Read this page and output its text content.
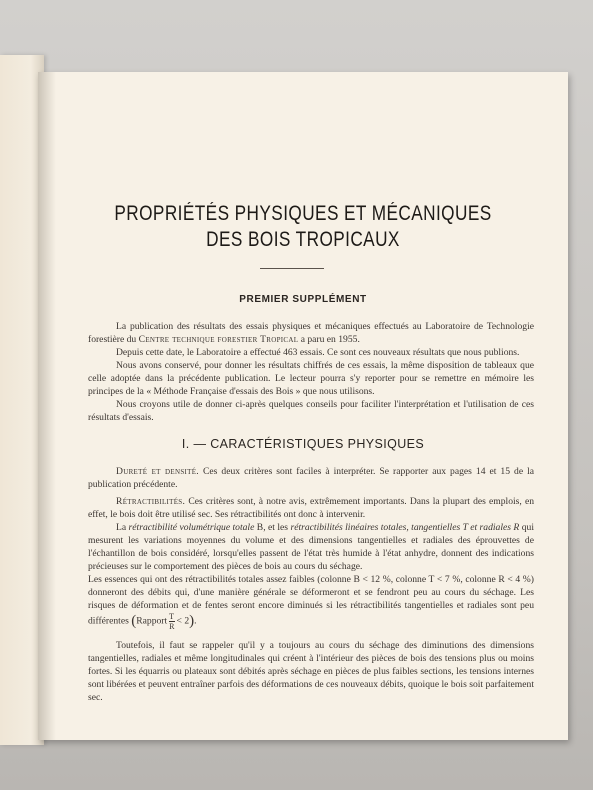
PROPRIÉTÉS PHYSIQUES ET MÉCANIQUES
DES BOIS TROPICAUX
PREMIER SUPPLÉMENT

La publication des résultats des essais physiques et mécaniques effectués au Laboratoire de Technologie forestière du Centre technique forestier Tropical a paru en 1955.

Depuis cette date, le Laboratoire a effectué 463 essais. Ce sont ces nouveaux résultats que nous publions.

Nous avons conservé, pour donner les résultats chiffrés de ces essais, la même disposition de tableaux que celle adoptée dans la précédente publication. Le lecteur pourra s'y reporter pour se remettre en mémoire les principes de la « Méthode Française d'essais des Bois » que nous utilisons.

Nous croyons utile de donner ci-après quelques conseils pour faciliter l'interprétation et l'utilisation de ces résultats d'essais.

I. — CARACTÉRISTIQUES PHYSIQUES

Dureté et densité. Ces deux critères sont faciles à interpréter. Se rapporter aux pages 14 et 15 de la publication précédente.

Rétractibilités. Ces critères sont, à notre avis, extrêmement importants. Dans la plupart des emplois, en effet, le bois doit être utilisé sec. Ses rétractibilités ont donc à intervenir.

La rétractibilité volumétrique totale B, et les rétractibilités linéaires totales, tangentielles T et radiales R qui mesurent les variations moyennes du volume et des dimensions tangentielles et radiales des éprouvettes de l'échantillon de bois considéré, lorsqu'elles passent de l'état très humide à l'état anhydre, donnent des indications précieuses sur le comportement des pièces de bois au cours du séchage.

Les essences qui ont des rétractibilités totales assez faibles (colonne B < 12 %, colonne T < 7 %, colonne R < 4 %) donneront des débits qui, d'une manière générale se déformeront et se fendront peu au cours du séchage. Les risques de déformation et de fentes seront encore diminués si les rétractibilités tangentielles et radiales sont peu différentes (Rapport $\frac{T}{R} < 2$).

Toutefois, il faut se rappeler qu'il y a toujours au cours du séchage des diminutions des dimensions tangentielles, radiales et même longitudinales qui créent à l'intérieur des pièces de bois des tensions plus ou moins fortes. Si les équarris ou plateaux sont débités après séchage en pièces de plus faibles sections, les tensions internes sont libérées et peuvent entraîner parfois des déformations de ces nouveaux débits, quoique le bois soit parfaitement sec.
